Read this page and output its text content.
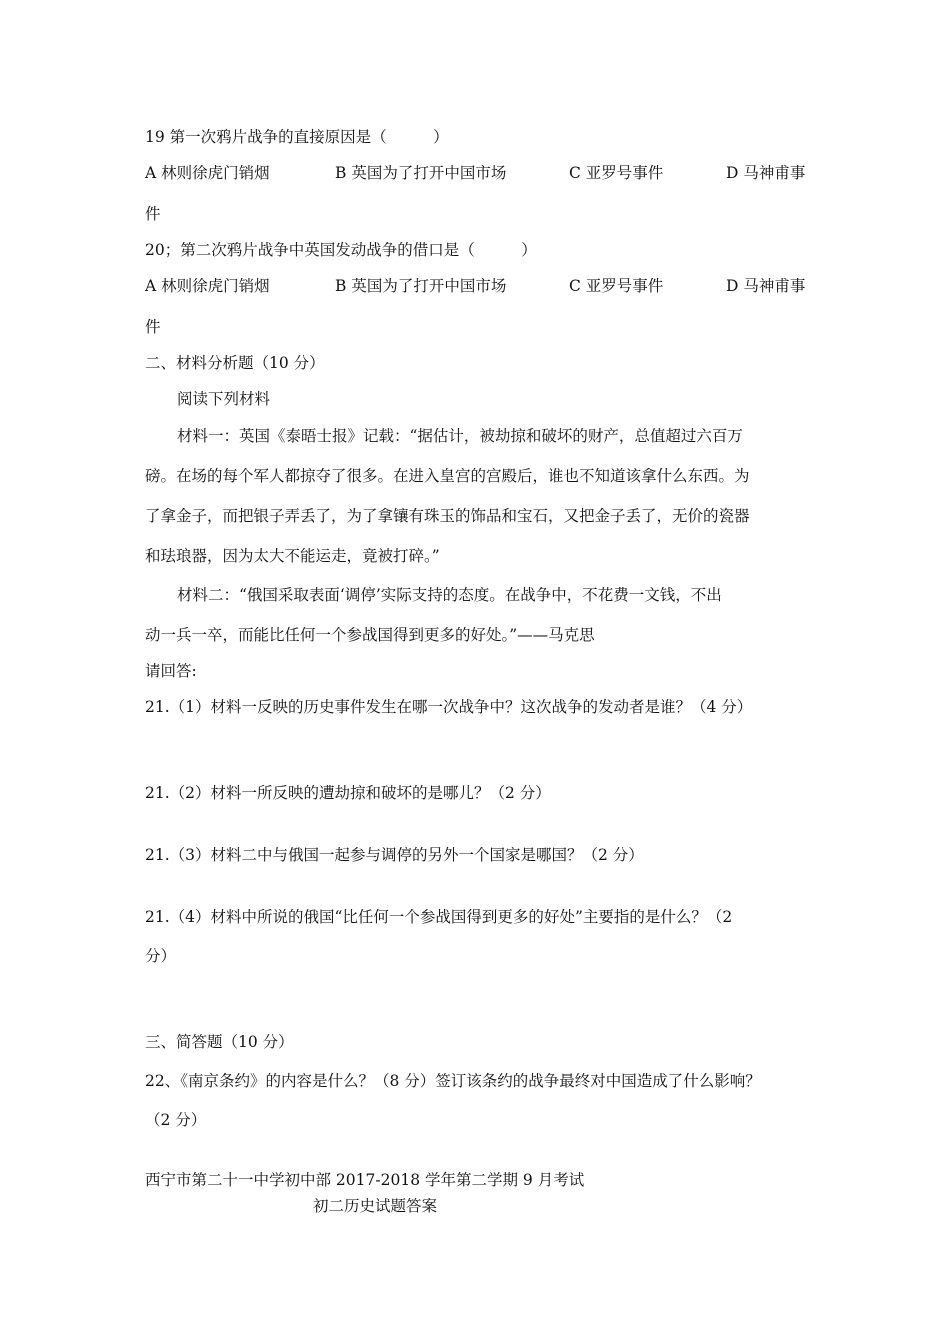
19 第一次鸦片战争的直接原因是（　　　）
A 林则徐虎门销烟	B 英国为了打开中国市场	C 亚罗号事件	D 马神甫事
件
20；第二次鸦片战争中英国发动战争的借口是（　　　）
A 林则徐虎门销烟	B 英国为了打开中国市场	C 亚罗号事件	D 马神甫事
件
二、材料分析题（10 分）
阅读下列材料
材料一：英国《泰晤士报》记载：“据估计，被劫掠和破坏的财产，总值超过六百万
磅。在场的每个军人都掠夺了很多。在进入皇宫的宫殿后，谁也不知道该拿什么东西。为
了拿金子，而把银子弄丢了，为了拿镶有珠玉的饰品和宝石，又把金子丢了，无价的瓷器
和珐琅器，因为太大不能运走，竟被打碎。”
材料二：“俄国采取表面‘调停’实际支持的态度。在战争中，不花费一文钱，不出
动一兵一卒，而能比任何一个参战国得到更多的好处。”——马克思
请回答:
21.（1）材料一反映的历史事件发生在哪一次战争中？这次战争的发动者是谁？（4 分）
21.（2）材料一所反映的遭劫掠和破坏的是哪儿？（2 分）
21.（3）材料二中与俄国一起参与调停的另外一个国家是哪国？（2 分）
21.（4）材料中所说的俄国“比任何一个参战国得到更多的好处”主要指的是什么？（2
分）
三、简答题（10 分）
22、《南京条约》的内容是什么？（8 分）签订该条约的战争最终对中国造成了什么影响？
（2 分）
西宁市第二十一中学初中部 2017-2018 学年第二学期 9 月考试
初二历史试题答案
